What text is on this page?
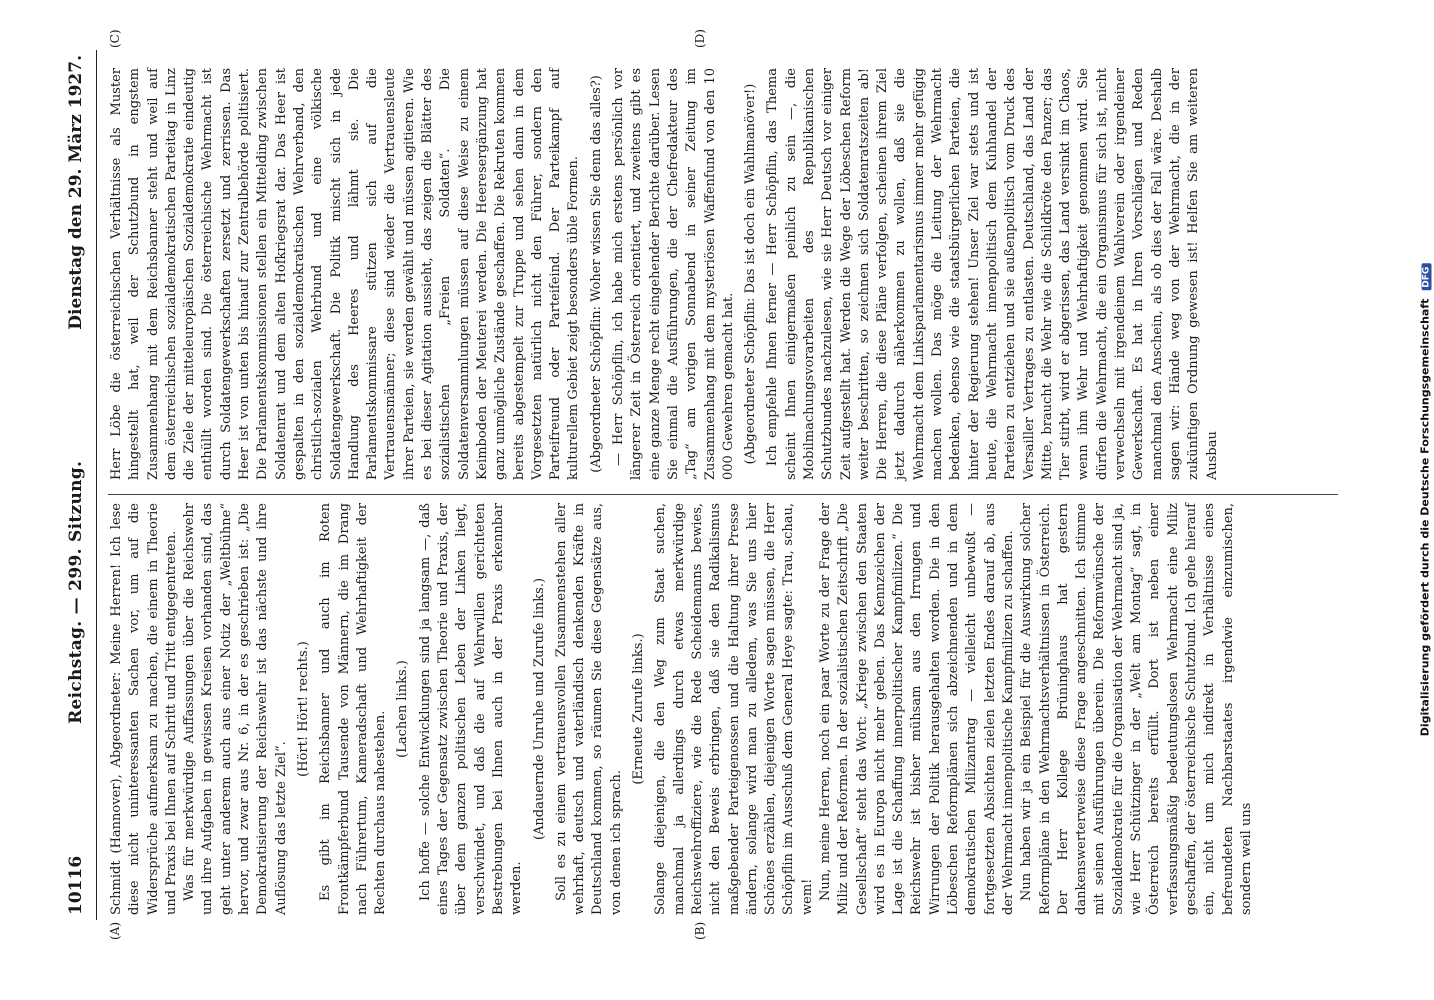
10116
Reichstag. — 299. Sitzung.
Dienstag den 29. März 1927.
(A)	(B)
(C)	(D)

Schmidt (Hannover), Abgeordneter: Meine Herren! Ich lese diese nicht uninteressanten Sachen vor, um auf die Widersprüche aufmerksam zu machen, die einem in Theorie und Praxis bei Ihnen auf Schritt und Tritt entgegentreten. Was für merkwürdige Auffassungen über die Reichswehr und ihre Aufgaben in gewissen Kreisen vorhanden sind, das geht unter anderem auch aus einer Notiz der „Weltbühne“ hervor, und zwar aus Nr. 6, in der es geschrieben ist: „Die Demokratisierung der Reichswehr ist das nächste und ihre Auflösung das letzte Ziel“.

(Hört! Hört! rechts.) Es gibt im Reichsbanner und auch im Roten Frontkämpferbund Tausende von Männern, die im Drang nach Führertum, Kameradschaft und Wehrhaftigkeit der Rechten durchaus nahestehen.

(Lachen links.) Ich hoffe — solche Entwicklungen sind ja langsam —, daß eines Tages der Gegensatz zwischen Theorie und Praxis, der über dem ganzen politischen Leben der Linken liegt, verschwindet, und daß die auf Wehrwillen gerichteten Bestrebungen bei Ihnen auch in der Praxis erkennbar werden.

(Andauernde Unruhe und Zurufe links.) Soll es zu einem vertrauensvollen Zusammenstehen aller wehrhaft, deutsch und vaterländisch denkenden Kräfte in Deutschland kommen, so räumen Sie diese Gegensätze aus, von denen ich sprach.

(Erneute Zurufe links.) Solange diejenigen, die den Weg zum Staat suchen, manchmal ja allerdings durch etwas merkwürdige Reichswehroffiziere, wie die Rede Scheidemanns bewies, nicht den Beweis erbringen, daß sie den Radikalismus maßgebender Parteigenossen und die Haltung ihrer Presse ändern, solange wird man zu alledem, was Sie uns hier Schönes erzählen, diejenigen Worte sagen müssen, die Herr Schöpflin im Ausschuß dem General Heye sagte: Trau, schau, wem! Nun, meine Herren, noch ein paar Worte zu der Frage der Miliz und der Reformen. In der sozialistischen Zeitschrift „Die Gesellschaft“ steht das Wort: „Kriege zwischen den Staaten wird es in Europa nicht mehr geben. Das Kennzeichen der Lage ist die Schaffung innerpolitischer Kampfmilizen.“ Die Reichswehr ist bisher mühsam aus den Irrungen und Wirrungen der Politik herausgehalten worden. Die in den Löbeschen Reformplänen sich abzeichnenden und in dem demokratischen Milizantrag — vielleicht unbewußt — fortgesetzten Absichten zielen letzten Endes darauf ab, aus der Wehrmacht innenpolitische Kampfmilizen zu schaffen. Nun haben wir ja ein Beispiel für die Auswirkung solcher Reformpläne in den Wehrmachtsverhältnissen in Österreich. Der Herr Kollege Brüninghaus hat gestern dankenswerterweise diese Frage angeschnitten. Ich stimme mit seinen Ausführungen überein. Die Reformwünsche der Sozialdemokratie für die Organisation der Wehrmacht sind ja, wie Herr Schützinger in der „Welt am Montag“ sagt, in Österreich bereits erfüllt. Dort ist neben einer verfassungsmäßig bedeutungslosen Wehrmacht eine Miliz geschaffen, der österreichische Schutzbund. Ich gehe hierauf ein, nicht um mich indirekt in Verhältnisse eines befreundeten Nachbarstaates irgendwie einzumischen, sondern weil uns

Herr Löbe die österreichischen Verhältnisse als Muster hingestellt hat, weil der Schutzbund in engstem Zusammenhang mit dem Reichsbanner steht und weil auf dem österreichischen sozialdemokratischen Parteitag in Linz die Ziele der mitteleuropäischen Sozialdemokratie eindeutig enthüllt worden sind. Die österreichische Wehrmacht ist durch Soldatengewerkschaften zersetzt und zerrissen. Das Heer ist von unten bis hinauf zur Zentralbehörde politisiert. Die Parlamentskommissionen stellen ein Mittelding zwischen Soldatenrat und dem alten Hofkriegsrat dar. Das Heer ist gespalten in den sozialdemokratischen Wehrverband, den christlich-sozialen Wehrbund und eine völkische Soldatengewerkschaft. Die Politik mischt sich in jede Handlung des Heeres und lähmt sie. Die Parlamentskommissare stützen sich auf die Vertrauensmänner; diese sind wieder die Vertrauensleute ihrer Parteien, sie werden gewählt und müssen agitieren. Wie es bei dieser Agitation aussieht, das zeigen die Blätter des sozialistischen „Freien Soldaten“. Die Soldatenversammlungen müssen auf diese Weise zu einem Keimboden der Meuterei werden. Die Heeresergänzung hat ganz unmögliche Zustände geschaffen. Die Rekruten kommen bereits abgestempelt zur Truppe und sehen dann in dem Vorgesetzten natürlich nicht den Führer, sondern den Parteifreund oder Parteifeind. Der Parteikampf auf kulturellem Gebiet zeigt besonders üble Formen. (Abgeordneter Schöpflin: Woher wissen Sie denn das alles?) — Herr Schöpflin, ich habe mich erstens persönlich vor längerer Zeit in Österreich orientiert, und zweitens gibt es eine ganze Menge recht eingehender Berichte darüber. Lesen Sie einmal die Ausführungen, die der Chefredakteur des „Tag“ am vorigen Sonnabend in seiner Zeitung im Zusammenhang mit dem mysteriösen Waffenfund von den 10 000 Gewehren gemacht hat. (Abgeordneter Schöpflin: Das ist doch ein Wahlmanöver!) Ich empfehle Ihnen ferner — Herr Schöpflin, das Thema scheint Ihnen einigermaßen peinlich zu sein —, die Mobilmachungsvorarbeiten des Republikanischen Schutzbundes nachzulesen, wie sie Herr Deutsch vor einiger Zeit aufgestellt hat. Werden die Wege der Löbeschen Reform weiter beschritten, so zeichnen sich Soldatenratszeiten ab! Die Herren, die diese Pläne verfolgen, scheinen ihrem Ziel jetzt dadurch näherkommen zu wollen, daß sie die Wehrmacht dem Linksparlamentarismus immer mehr gefügig machen wollen. Das möge die Leitung der Wehrmacht bedenken, ebenso wie die staatsbürgerlichen Parteien, die hinter der Regierung stehen! Unser Ziel war stets und ist heute, die Wehrmacht innenpolitisch dem Kuhhandel der Parteien zu entziehen und sie außenpolitisch vom Druck des Versailler Vertrages zu entlasten. Deutschland, das Land der Mitte, braucht die Wehr wie die Schildkröte den Panzer; das Tier stirbt, wird er abgerissen, das Land versinkt im Chaos, wenn ihm Wehr und Wehrhaftigkeit genommen wird. Sie dürfen die Wehrmacht, die ein Organismus für sich ist, nicht verwechseln mit irgendeinem Wahlverein oder irgendeiner Gewerkschaft. Es hat in Ihren Vorschlägen und Reden manchmal den Anschein, als ob dies der Fall wäre. Deshalb sagen wir: Hände weg von der Wehrmacht, die in der zukünftigen Ordnung gewesen ist! Helfen Sie am weiteren Ausbau	Digitalisierung gefördert durch die Deutsche Forschungsgemeinschaft DFG
